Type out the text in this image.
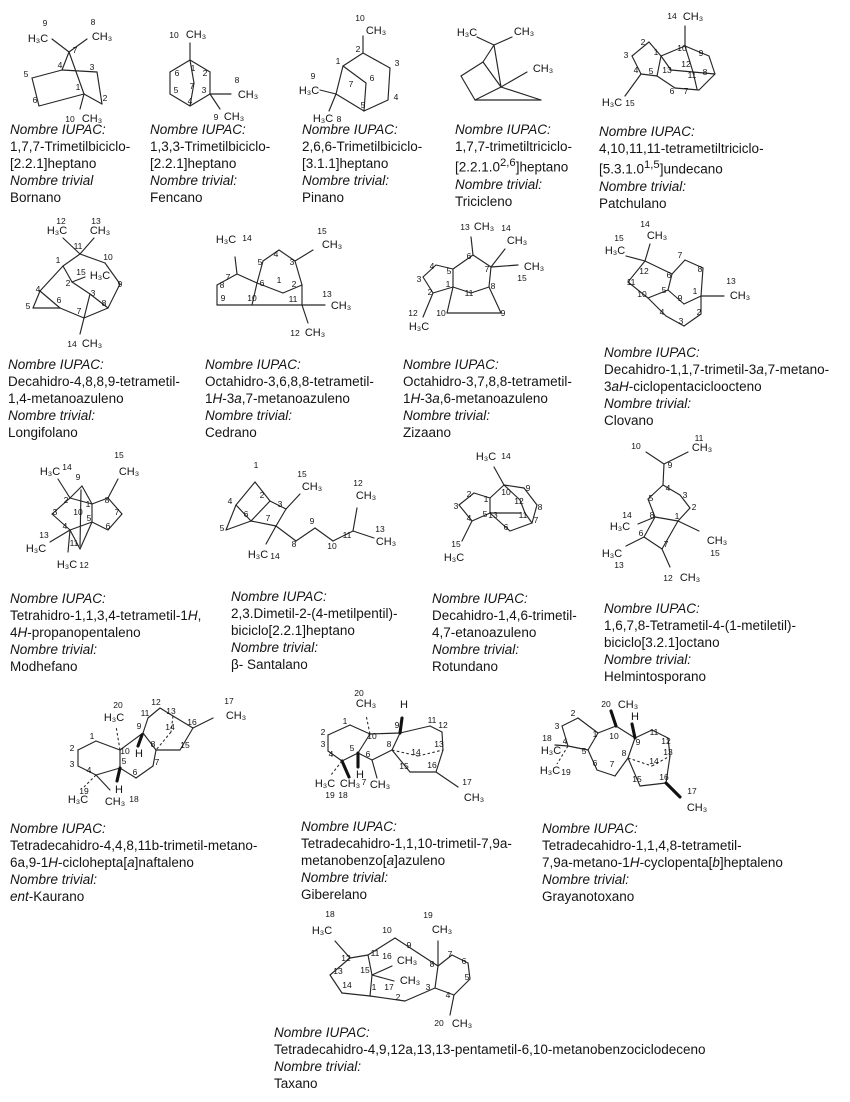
H₃C	CH₃
CH₃
9	8
7
4	3
5
1
6	2
10
Nombre IUPAC:
1,7,7-Trimetilbiciclo-
[2.2.1]heptano
Nombre trivial
Bornano
CH₃
CH₃
CH₃
10
1 2
6
7 3
5
4
8
9
Nombre IUPAC:
1,3,3-Trimetilbiciclo-
[2.2.1]heptano
Nombre trivial:
Fencano
CH₃
H₃C
H₃C
10
2
1	3
9
7
6
4
5
8
Nombre IUPAC:
2,6,6-Trimetilbiciclo-
[3.1.1]heptano
Nombre trivial:
Pinano
H₃C	CH₃
CH₃
Nombre IUPAC:
1,7,7-trimetiltriciclo-
[2.2.1.0$^{2,6}$]heptano
Nombre trivial:
Tricicleno
CH₃
H₃C
14
2
3	1 10 9
12
4 5 13 11 8
6 7
15
Nombre IUPAC:
4,10,11,11-tetrametiltriciclo-
[5.3.1.0$^{1,5}$]undecano
Nombre trivial:
Patchulano
H₃C CH₃
H₃C
CH₃
12	13
1
11
10
15
2	9
3
4
6	8
5	7
14
Nombre IUPAC:
Decahidro-4,8,8,9-tetrametil-
1,4-metanoazuleno
Nombre trivial:
Longifolano
H₃C	CH₃
CH₃
CH₃
14
15
5
4
3
7	1
6	2
8
13
9	10	11
12
Nombre IUPAC:
Octahidro-3,6,8,8-tetrametil-
1H-3a,7-metanoazuleno
Nombre trivial:
Cedrano
CH₃
CH₃
CH₃
H₃C
13	14
15
4 5
6
7
3	1	8
2	11
12 10	9
Nombre IUPAC:
Octahidro-3,7,8,8-tetrametil-
1H-3a,6-metanoazuleno
Nombre trivial:
Zizaano
CH₃
H₃C
CH₃
14
15
12
7
6
8
11	13
5	1
10	9
4	2
3
Nombre IUPAC:
Decahidro-1,1,7-trimetil-3a,7-metano-
3aH-ciclopentacicloocteno
Nombre trivial:
Clovano
H₃C	CH₃
H₃C
H₃C
15
14
9
2 1 8
3 10
5
7
4	6
13
11
12
Nombre IUPAC:
Tetrahidro-1,1,3,4-tetrametil-1H,
4H-propanopentaleno
Nombre trivial:
Modhefano
CH₃
CH₃
CH₃
H₃C
1
15
12
2
4	3
6 7
5
9
11
13
8	10
14
Nombre IUPAC:
2,3.Dimetil-2-(4-metilpentil)-
biciclo[2.2.1]heptano
Nombre trivial:
β- Santalano
H₃C
H₃C
14
10
2
3
1
9
12
8
5 13 11 7
4
6
15
Nombre IUPAC:
Decahidro-1,4,6-trimetil-
4,7-etanoazuleno
Nombre trivial:
Rotundano
CH₃
H₃C
H₃C
CH₃
CH₃
10
11
9
4
5	3
2
8 1
14
6
13
15
7
12
Nombre IUPAC:
1,6,7,8-Tetrametil-4-(1-metiletil)-
biciclo[3.2.1]octano
Nombre trivial:
Helmintosporano
H₃C	CH₃
H
H
H₃C CH₃
20	12
11 13
17
9	14 16
1
10
8	15
2
3	5
4	6
7
19
18
Nombre IUPAC:
Tetradecahidro-4,4,8,11b-trimetil-metano-
6a,9-1H-ciclohepta[a]naftaleno
Nombre trivial:
ent-Kaurano
CH₃ H
H
H₃C CH₃ CH₃
CH₃
20
1	11 12
2	10
9
3	5	8	13
4	6	14
15 16
19 18
7	17
Nombre IUPAC:
Tetradecahidro-1,1,10-trimetil-7,9a-
metanobenzo[a]azuleno
Nombre trivial:
Giberelano
CH₃
H
H₃C
H₃C
CH₃
20
2
3
1 10	11
9 12
18 4
5	8	13
19
6 7	14
15 16
17
Nombre IUPAC:
Tetradecahidro-1,1,4,8-tetrametil-
7,9a-metano-1H-cyclopenta[b]heptaleno
Nombre trivial:
Grayanotoxano
H₃C	CH₃
CH₃
CH₃
CH₃
18
10
19
9
12 11 16	7
8	6
13 15
5
14 1 17	3
2	4
20
Nombre IUPAC:
Tetradecahidro-4,9,12a,13,13-pentametil-6,10-metanobenzociclodeceno
Nombre trivial:
Taxano
